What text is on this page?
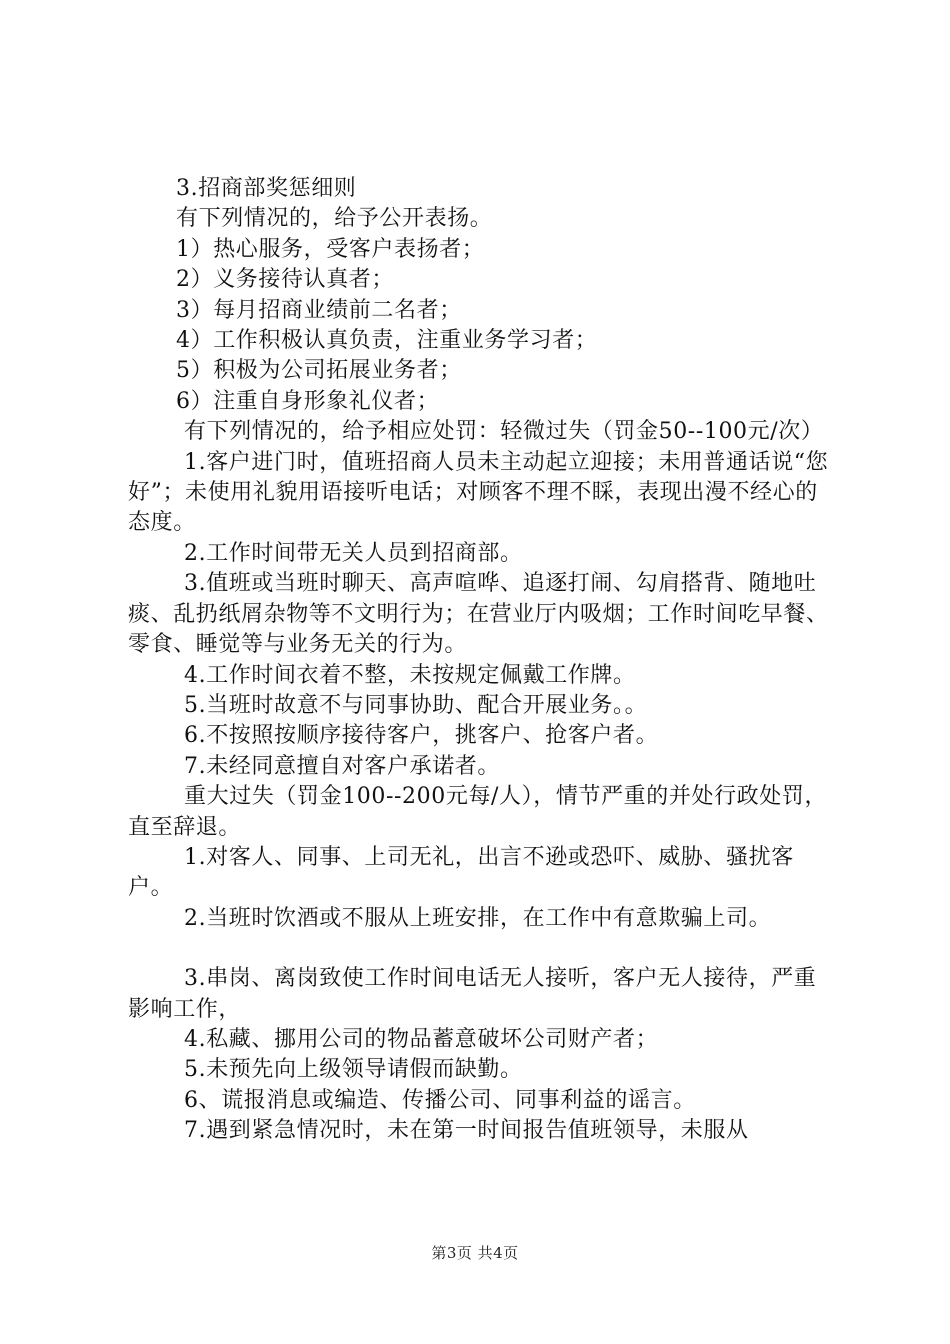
3.招商部奖惩细则

有下列情况的，给予公开表扬。

1）热心服务，受客户表扬者；

2）义务接待认真者；

3）每月招商业绩前二名者；

4）工作积极认真负责，注重业务学习者；

5）积极为公司拓展业务者；

6）注重自身形象礼仪者；

有下列情况的，给予相应处罚：轻微过失（罚金50--100元/次）

1.客户进门时，值班招商人员未主动起立迎接；未用普通话说“您好”；未使用礼貌用语接听电话；对顾客不理不睬，表现出漫不经心的态度。

2.工作时间带无关人员到招商部。

3.值班或当班时聊天、高声喧哗、追逐打闹、勾肩搭背、随地吐痰、乱扔纸屑杂物等不文明行为；在营业厅内吸烟；工作时间吃早餐、零食、睡觉等与业务无关的行为。

4.工作时间衣着不整，未按规定佩戴工作牌。

5.当班时故意不与同事协助、配合开展业务。。

6.不按照按顺序接待客户，挑客户、抢客户者。

7.未经同意擅自对客户承诺者。

重大过失（罚金100--200元每/人），情节严重的并处行政处罚，直至辞退。

1.对客人、同事、上司无礼，出言不逊或恐吓、威胁、骚扰客户。

2.当班时饮酒或不服从上班安排，在工作中有意欺骗上司。

3.串岗、离岗致使工作时间电话无人接听，客户无人接待，严重影响工作，

4.私藏、挪用公司的物品蓄意破坏公司财产者；

5.未预先向上级领导请假而缺勤。

6、谎报消息或编造、传播公司、同事利益的谣言。

7.遇到紧急情况时，未在第一时间报告值班领导，未服从

第3页 共4页
